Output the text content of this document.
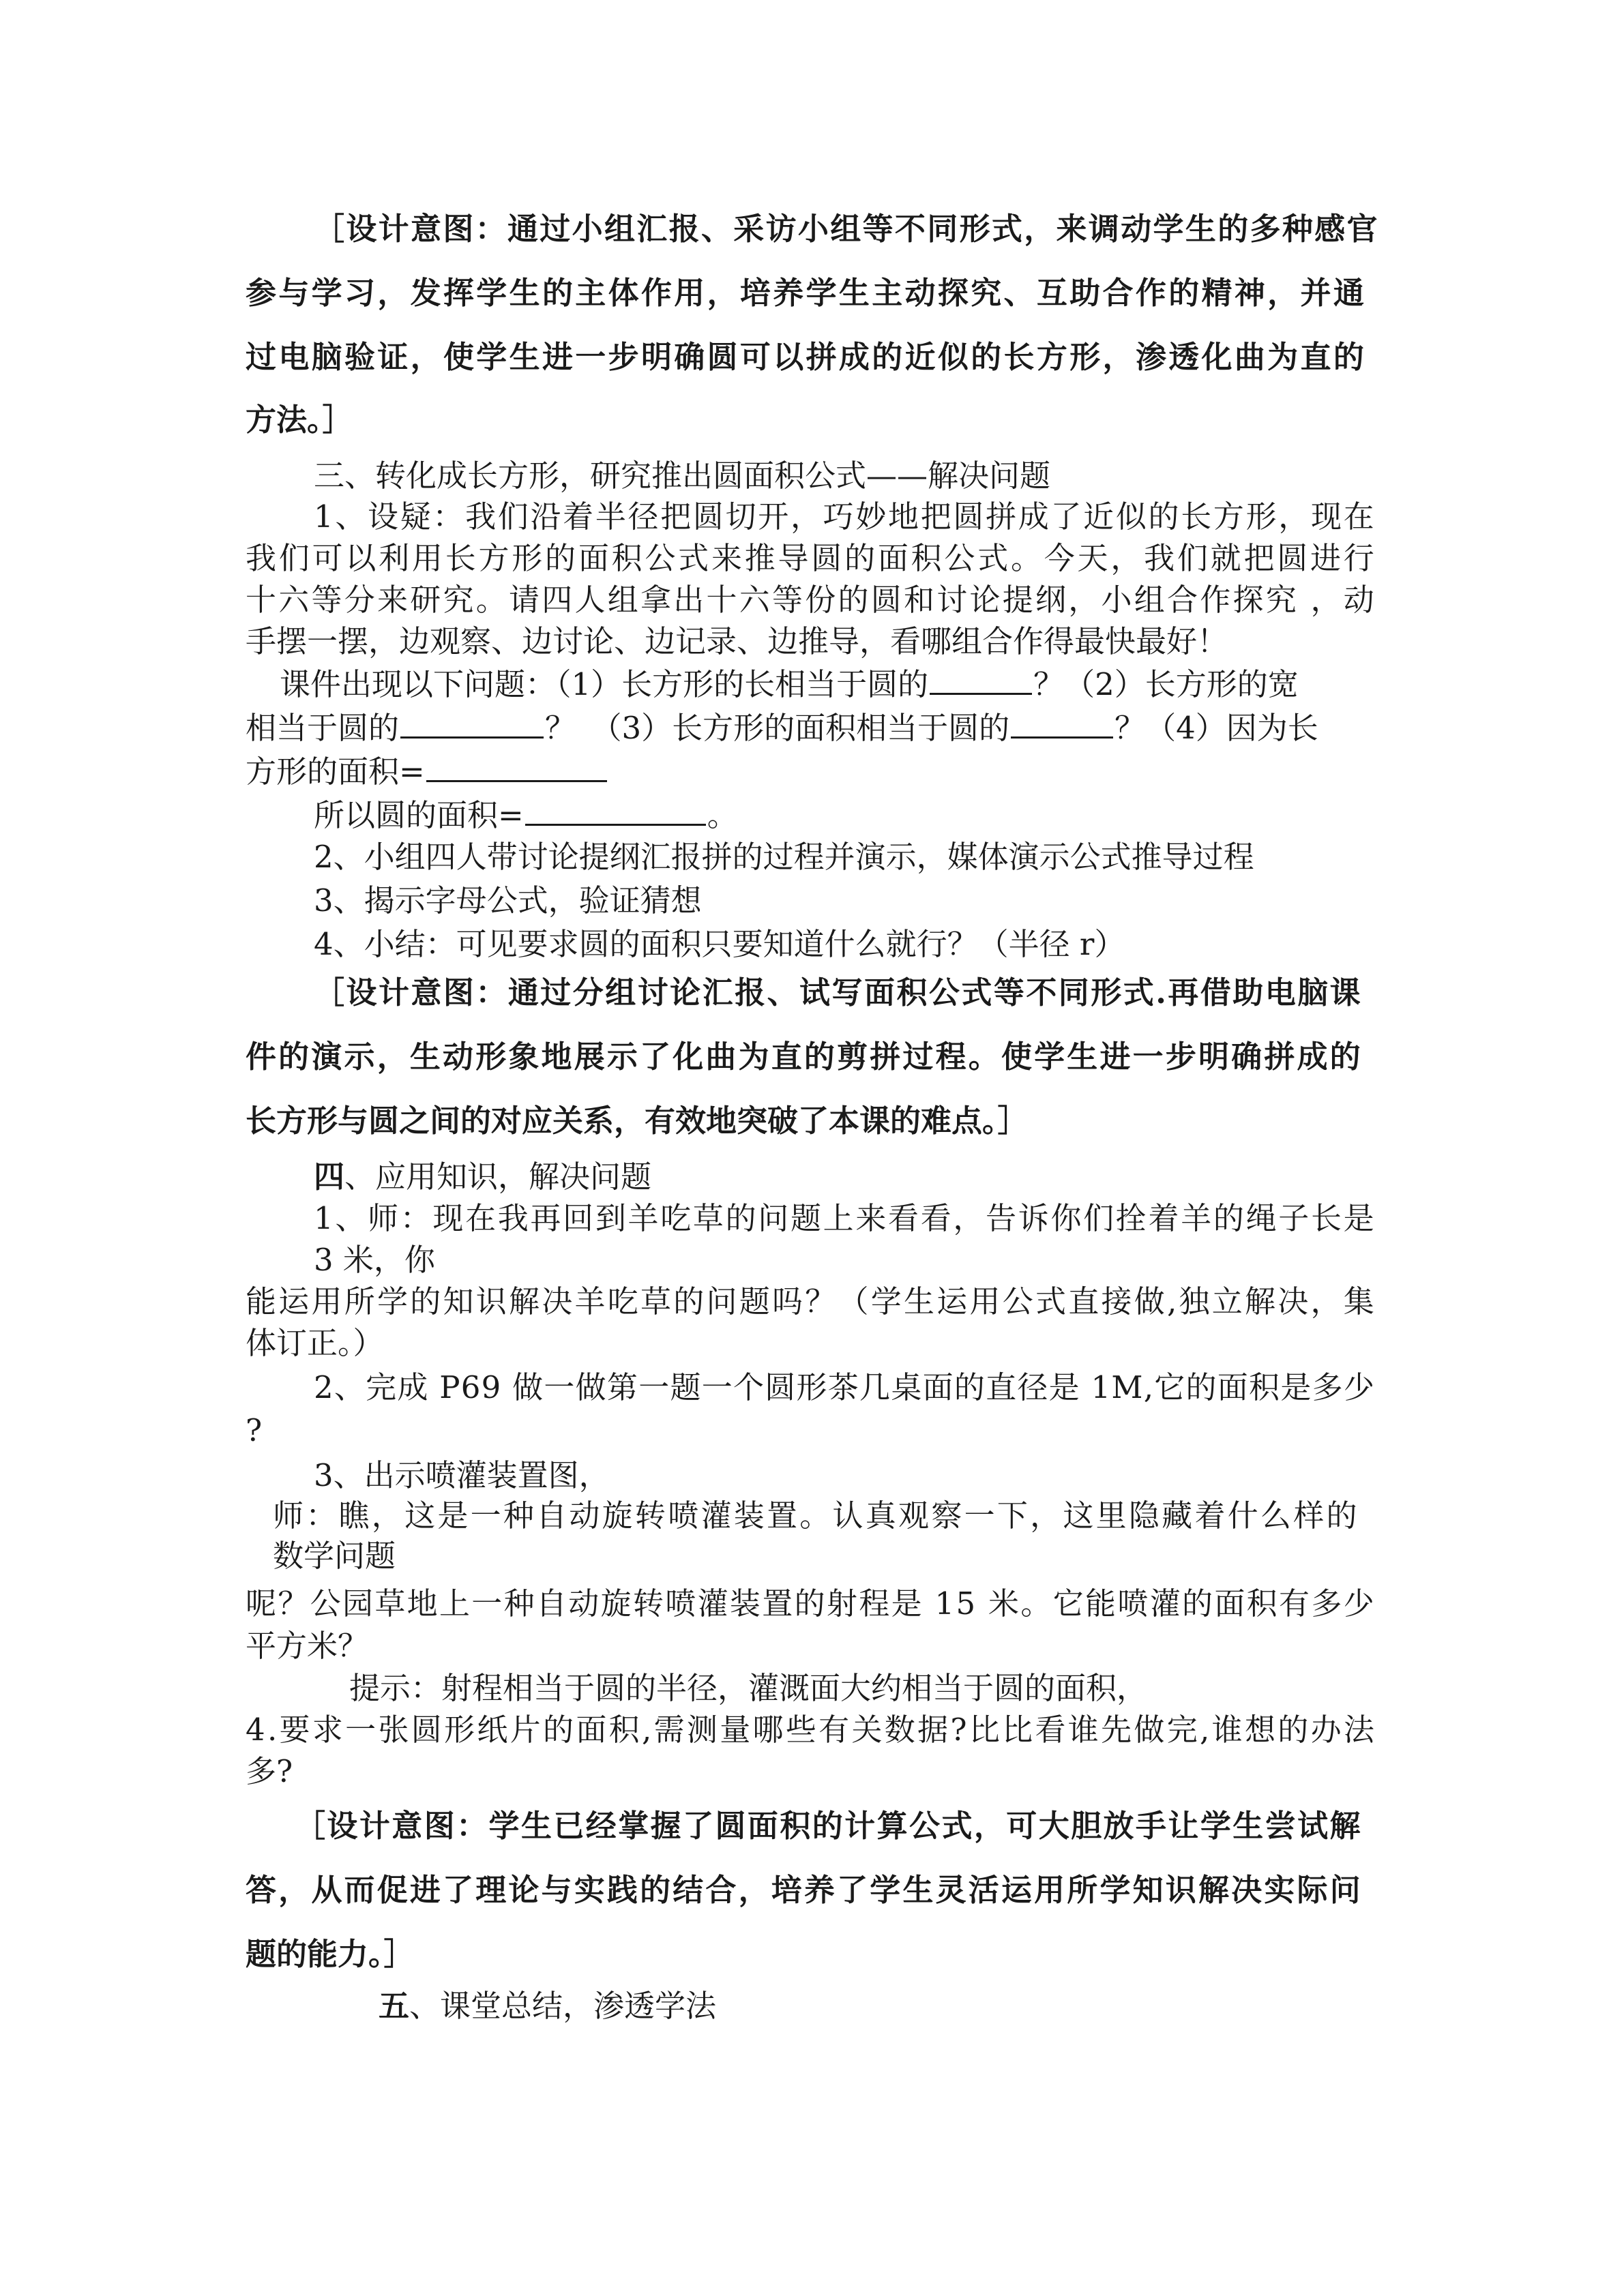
［ 设 计 意 图 ： 通 过 小 组 汇 报 、 采 访 小 组 等 不 同 形 式 ， 来 调 动 学 生 的 多 种 感 官
参 与 学 习 ， 发 挥 学 生 的 主 体 作 用 ， 培 养 学 生 主 动 探 究 、 互 助 合 作 的 精 神 ， 并 通
过 电 脑 验 证 ， 使 学 生 进 一 步 明 确 圆 可 以 拼 成 的 近 似 的 长 方 形 ， 渗 透 化 曲 为 直 的
方法。］
三、转化成长方形，研究推出圆面积公式——解决问题
1 、 设 疑 ： 我 们 沿 着 半 径 把 圆 切 开 ， 巧 妙 地 把 圆 拼 成 了 近 似 的 长 方 形 ， 现 在
我 们 可 以 利 用 长 方 形 的 面 积 公 式 来 推 导 圆 的 面 积 公 式 。 今 天 ， 我 们 就 把 圆 进 行
十 六 等 分 来 研 究 。 请 四 人 组 拿 出 十 六 等 份 的 圆 和 讨 论 提 纲 ， 小 组 合 作 探 究
， 动
手摆一摆，边观察、边讨论、边记录、边推导，看哪组合作得最快最好！
课件出现以下问题：（1）长方形的长相当于圆的	？（2）长方形的宽
相当于圆的	？　（3）长方形的面积相当于圆的	？（4）因为长
方形的面积=
所以圆的面积=	。
2、小组四人带讨论提纲汇报拼的过程并演示，媒体演示公式推导过程
3、揭示字母公式，验证猜想
4、小结：可见要求圆的面积只要知道什么就行？（半径 r）
［ 设 计 意 图 ： 通 过 分 组 讨 论 汇 报 、 试 写 面 积 公 式 等 不 同 形 式 . 再 借 助 电 脑 课
件 的 演 示 ， 生 动 形 象 地 展 示 了 化 曲 为 直 的 剪 拼 过 程 。 使 学 生 进 一 步 明 确 拼 成 的
长方形与圆之间的对应关系，有效地突破了本课的难点。］
四、应用知识，解决问题
1 、 师 ： 现 在 我 再 回 到 羊 吃 草 的 问 题 上 来 看 看 ， 告 诉 你 们 拴 着 羊 的 绳 子 长 是
3 米，你
能 运 用 所 学 的 知 识 解 决 羊 吃 草 的 问 题 吗 ？ （ 学 生 运 用 公 式 直 接 做 , 独 立 解 决 ， 集
体订正。）
2 、 完 成
P 6 9
做 一 做 第 一 题 一 个 圆 形 茶 几 桌 面 的 直 径 是
1 M , 它 的 面 积 是 多 少
?
3、出示喷灌装置图，
师 ： 瞧 ， 这 是 一 种 自 动 旋 转 喷 灌 装 置 。 认 真 观 察 一 下 ， 这 里 隐 藏 着 什 么 样 的
数学问题
呢 ？ 公 园 草 地 上 一 种 自 动 旋 转 喷 灌 装 置 的 射 程 是
1 5
米 。 它 能 喷 灌 的 面 积 有 多 少
平方米？
提示：射程相当于圆的半径，灌溉面大约相当于圆的面积，
4 . 要 求 一 张 圆 形 纸 片 的 面 积 , 需 测 量 哪 些 有 关 数 据 ? 比 比 看 谁 先 做 完 , 谁 想 的 办 法
多?
［ 设 计 意 图 ： 学 生 已 经 掌 握 了 圆 面 积 的 计 算 公 式 ， 可 大 胆 放 手 让 学 生 尝 试 解
答 ， 从 而 促 进 了 理 论 与 实 践 的 结 合 ， 培 养 了 学 生 灵 活 运 用 所 学 知 识 解 决 实 际 问
题的能力。］
五、课堂总结，渗透学法
